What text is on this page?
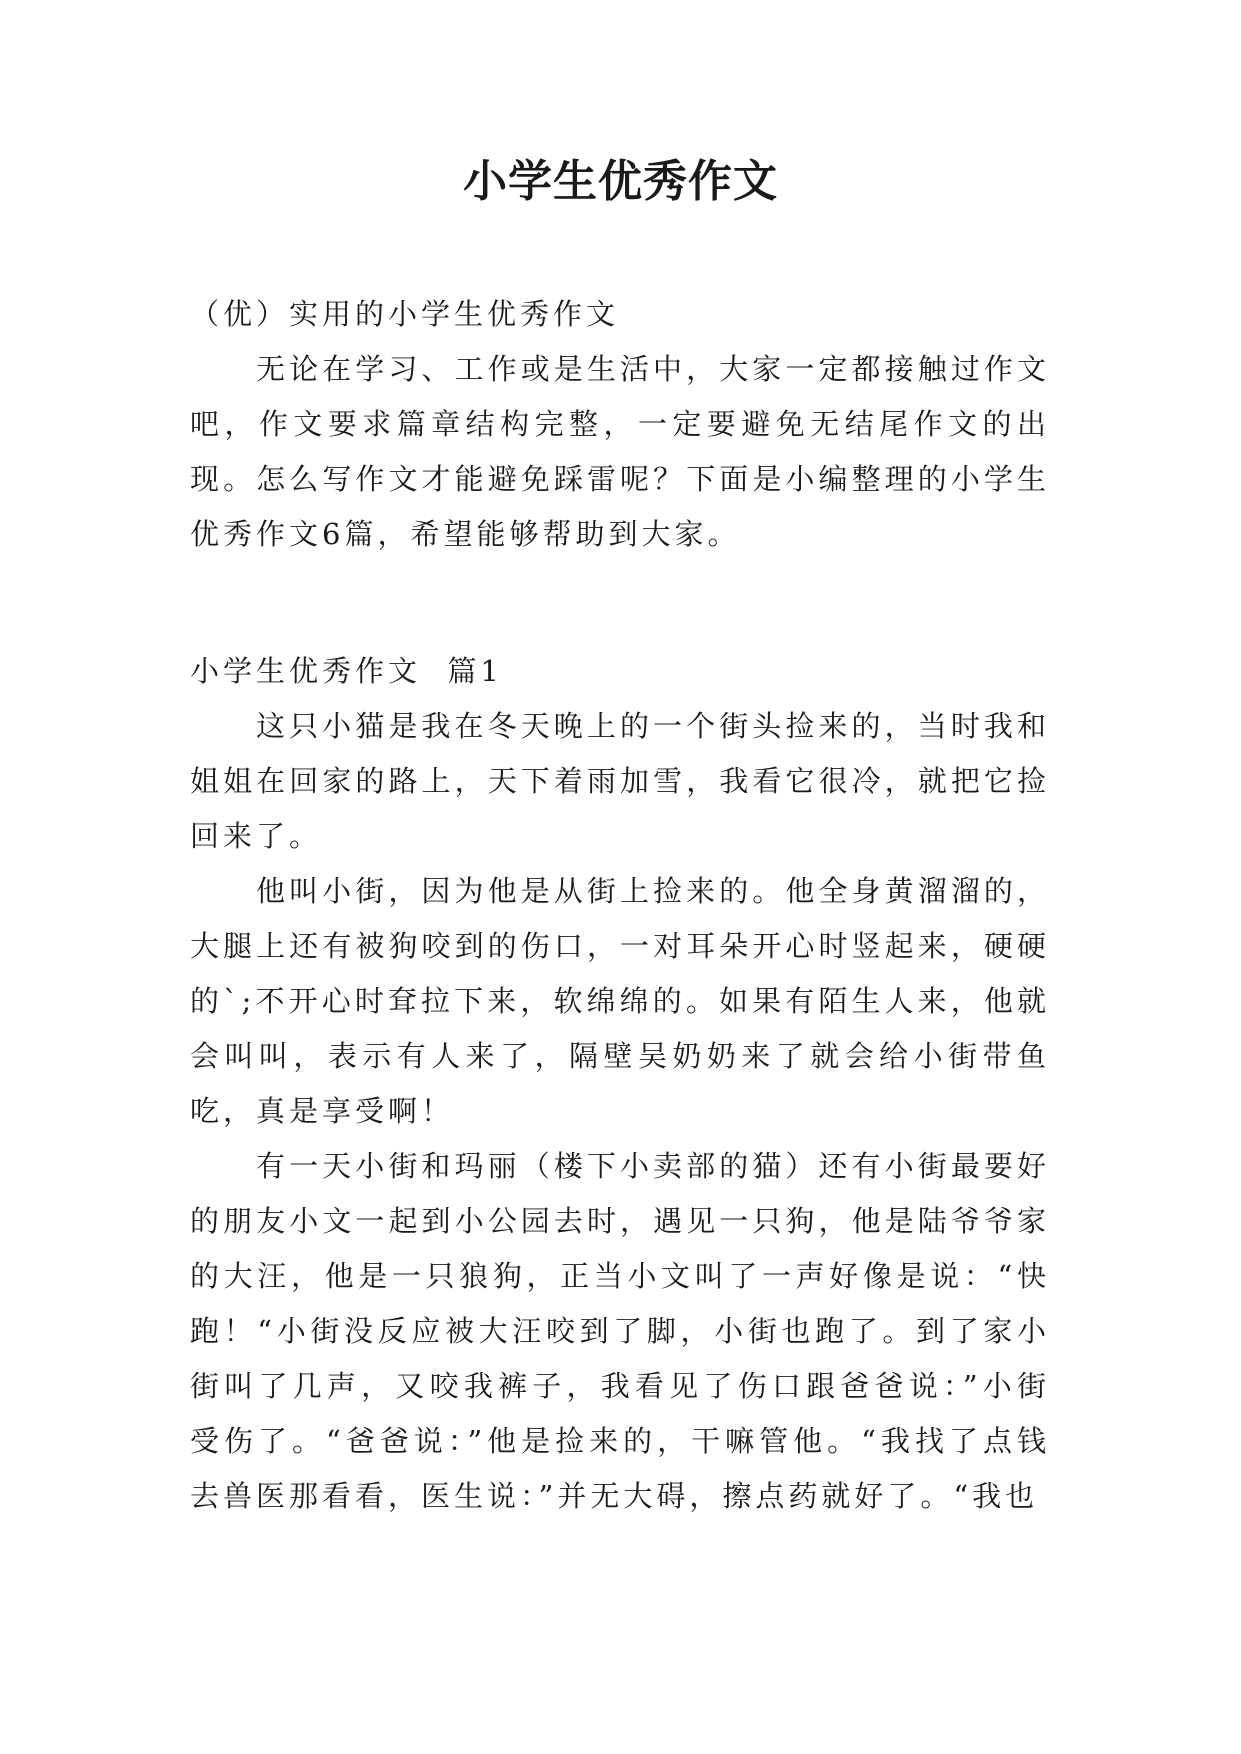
小学生优秀作文

（优）实用的小学生优秀作文

无论在学习、工作或是生活中，大家一定都接触过作文吧，作文要求篇章结构完整，一定要避免无结尾作文的出现。怎么写作文才能避免踩雷呢？下面是小编整理的小学生优秀作文6篇，希望能够帮助到大家。

小学生优秀作文  篇1

这只小猫是我在冬天晚上的一个街头捡来的，当时我和姐姐在回家的路上，天下着雨加雪，我看它很冷，就把它捡回来了。

他叫小街，因为他是从街上捡来的。他全身黄溜溜的，大腿上还有被狗咬到的伤口，一对耳朵开心时竖起来，硬硬的`;不开心时耷拉下来，软绵绵的。如果有陌生人来，他就会叫叫，表示有人来了，隔壁吴奶奶来了就会给小街带鱼吃，真是享受啊！

有一天小街和玛丽（楼下小卖部的猫）还有小街最要好的朋友小文一起到小公园去时，遇见一只狗，他是陆爷爷家的大汪，他是一只狼狗，正当小文叫了一声好像是说：“快跑！“小街没反应被大汪咬到了脚，小街也跑了。到了家小街叫了几声，又咬我裤子，我看见了伤口跟爸爸说：”小街受伤了。“爸爸说：”他是捡来的，干嘛管他。“我找了点钱去兽医那看看，医生说：”并无大碍，擦点药就好了。“我也
